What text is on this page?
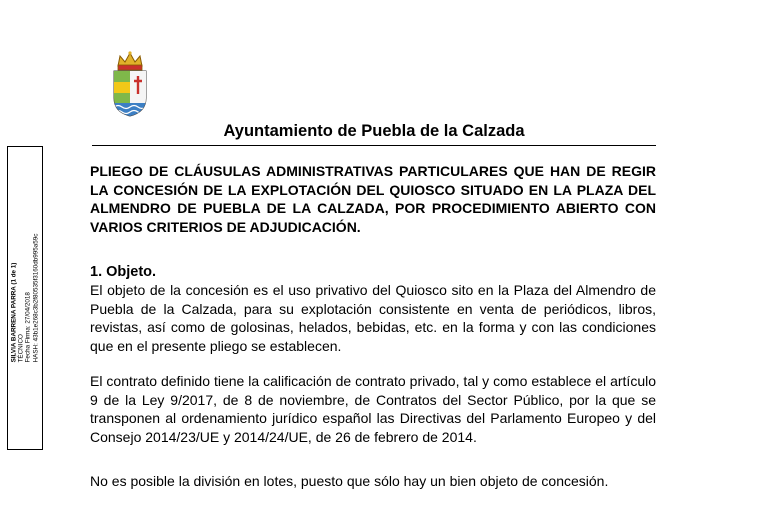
Ayuntamiento de Puebla de la Calzada
SILVIA BARRENA PARRA (1 de 1) TÉCNICO Fecha Firma: 27/04/2018 HASH: 43b1e268c3b2f80535f3160db995a59c
PLIEGO DE CLÁUSULAS ADMINISTRATIVAS PARTICULARES QUE HAN DE REGIR LA CONCESIÓN DE LA EXPLOTACIÓN DEL QUIOSCO SITUADO EN LA PLAZA DEL ALMENDRO DE PUEBLA DE LA CALZADA, POR PROCEDIMIENTO ABIERTO CON VARIOS CRITERIOS DE ADJUDICACIÓN.
1. Objeto.
El objeto de la concesión es el uso privativo del Quiosco sito en la Plaza del Almendro de Puebla de la Calzada, para su explotación consistente en venta de periódicos, libros, revistas, así como de golosinas, helados, bebidas, etc. en la forma y con las condiciones que en el presente pliego se establecen.
El contrato definido tiene la calificación de contrato privado, tal y como establece el artículo 9 de la Ley 9/2017, de 8 de noviembre, de Contratos del Sector Público, por la que se transponen al ordenamiento jurídico español las Directivas del Parlamento Europeo y del Consejo 2014/23/UE y 2014/24/UE, de 26 de febrero de 2014.
No es posible la división en lotes, puesto que sólo hay un bien objeto de concesión.
